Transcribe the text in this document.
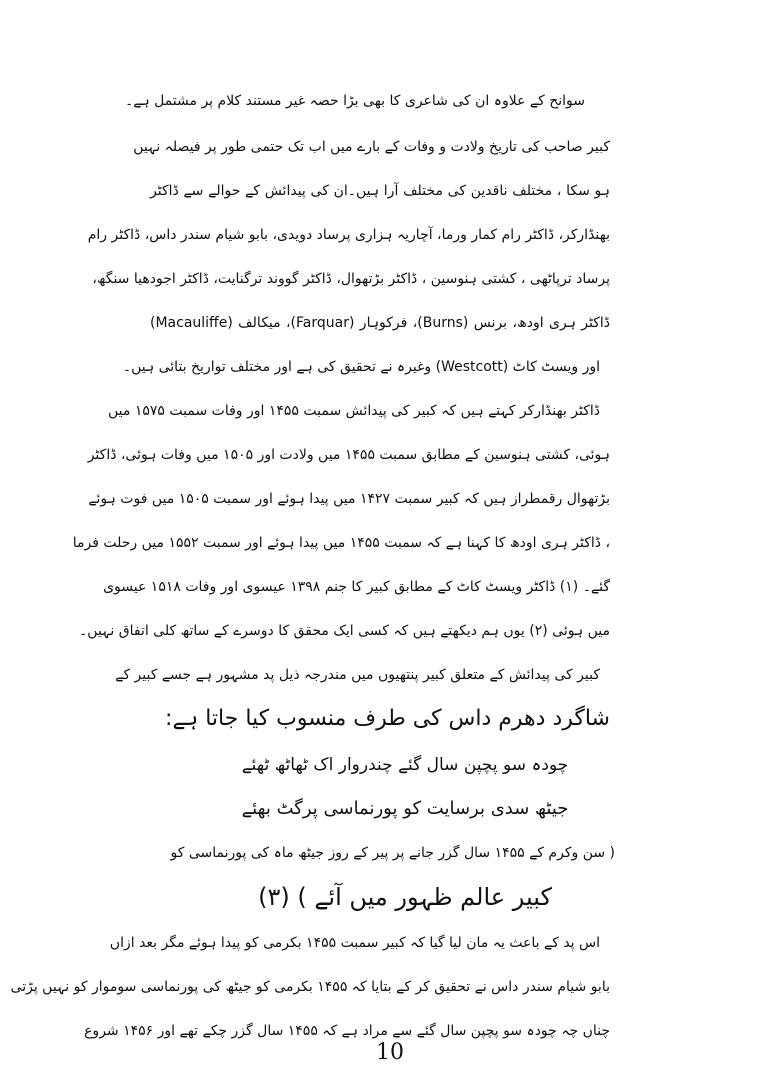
سوانح کے علاوہ ان کی شاعری کا بھی بڑا حصہ غیر مستند کلام پر مشتمل ہے۔
کبیر صاحب کی تاریخ ولادت و وفات کے بارے میں اب تک حتمی طور پر فیصلہ نہیں
ہو سکا ، مختلف ناقدین کی مختلف آرا ہیں۔ان کی پیدائش کے حوالے سے ڈاکٹر
بھنڈارکر، ڈاکٹر رام کمار ورما، آچاریہ ہزاری پرساد دویدی، بابو شیام سندر داس، ڈاکٹر رام
پرساد ترپاٹھی ، کشتی ہنوسین ، ڈاکٹر بڑتھوال، ڈاکٹر گووند ترگنایت، ڈاکٹر اجودھیا سنگھ،
ڈاکٹر ہری اودھ، برنس (Burns)، فرکوہار (Farquar)، میکالف (Macauliffe)
اور ویسٹ کاٹ (Westcott) وغیرہ نے تحقیق کی ہے اور مختلف تواریخ بتائی ہیں۔
ڈاکٹر بھنڈارکر کہتے ہیں کہ کبیر کی پیدائش سمبت ۱۴۵۵ اور وفات سمبت ۱۵۷۵ میں
ہوئی، کشتی ہنوسین کے مطابق سمبت ۱۴۵۵ میں ولادت اور ۱۵۰۵ میں وفات ہوئی، ڈاکٹر
بڑتھوال رقمطراز ہیں کہ کبیر سمبت ۱۴۲۷ میں پیدا ہوئے اور سمبت ۱۵۰۵ میں فوت ہوئے
، ڈاکٹر ہری اودھ کا کہنا ہے کہ سمبت ۱۴۵۵ میں پیدا ہوئے اور سمبت ۱۵۵۲ میں رحلت فرما
گئے۔ (۱) ڈاکٹر ویسٹ کاٹ کے مطابق کبیر کا جنم ۱۳۹۸ عیسوی اور وفات ۱۵۱۸ عیسوی
میں ہوئی (۲) یوں ہم دیکھتے ہیں کہ کسی ایک محقق کا دوسرے کے ساتھ کلی اتفاق نہیں۔
کبیر کی پیدائش کے متعلق کبیر پنتھیوں میں مندرجہ ذیل پد مشہور ہے جسے کبیر کے
شاگرد دھرم داس کی طرف منسوب کیا جاتا ہے:
چودہ سو پچپن سال گئے چندروار اک ٹھاٹھ ٹھئے
جیٹھ سدی برسایت کو پورنماسی پرگٹ بھئے
( سن وکرم کے ۱۴۵۵ سال گزر جانے پر پیر کے روز جیٹھ ماہ کی پورنماسی کو
کبیر عالم ظہور میں آئے ) (۳)
اس پد کے باعث یہ مان لیا گیا کہ کبیر سمبت ۱۴۵۵ بکرمی کو پیدا ہوئے مگر بعد ازاں
بابو شیام سندر داس نے تحقیق کر کے بتایا کہ ۱۴۵۵ بکرمی کو جیٹھ کی پورنماسی سوموار کو نہیں پڑتی
چناں چہ چودہ سو پچپن سال گئے سے مراد ہے کہ ۱۴۵۵ سال گزر چکے تھے اور ۱۴۵۶ شروع
10
